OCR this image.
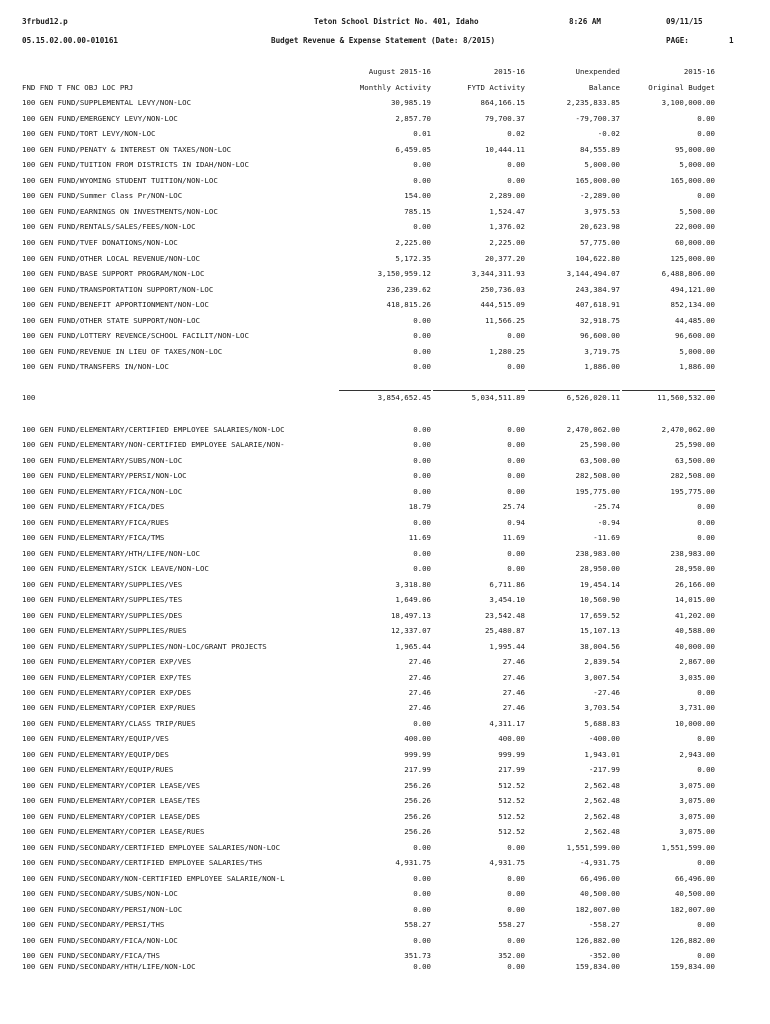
3frbud12.p	Teton School District No. 401, Idaho	8:26 AM	09/11/15
05.15.02.00.00-010161	Budget Revenue & Expense Statement (Date: 8/2015)	PAGE:	1
August 2015-16	2015-16	Unexpended	2015-16
FND FND T FNC OBJ LOC PRJ	Monthly Activity	FYTD Activity	Balance	Original Budget
100 GEN FUND/SUPPLEMENTAL LEVY/NON-LOC	30,985.19	864,166.15	2,235,833.85	3,100,000.00
100 GEN FUND/EMERGENCY LEVY/NON-LOC	2,857.70	79,700.37	-79,700.37	0.00
100 GEN FUND/TORT LEVY/NON-LOC	0.01	0.02	-0.02	0.00
100 GEN FUND/PENATY & INTEREST ON TAXES/NON-LOC	6,459.05	10,444.11	84,555.89	95,000.00
100 GEN FUND/TUITION FROM DISTRICTS IN IDAH/NON-LOC	0.00	0.00	5,000.00	5,000.00
100 GEN FUND/WYOMING STUDENT TUITION/NON-LOC	0.00	0.00	165,000.00	165,000.00
100 GEN FUND/Summer Class Pr/NON-LOC	154.00	2,289.00	-2,289.00	0.00
100 GEN FUND/EARNINGS ON INVESTMENTS/NON-LOC	785.15	1,524.47	3,975.53	5,500.00
100 GEN FUND/RENTALS/SALES/FEES/NON-LOC	0.00	1,376.02	20,623.98	22,000.00
100 GEN FUND/TVEF DONATIONS/NON-LOC	2,225.00	2,225.00	57,775.00	60,000.00
100 GEN FUND/OTHER LOCAL REVENUE/NON-LOC	5,172.35	20,377.20	104,622.80	125,000.00
100 GEN FUND/BASE SUPPORT PROGRAM/NON-LOC	3,150,959.12	3,344,311.93	3,144,494.07	6,488,806.00
100 GEN FUND/TRANSPORTATION SUPPORT/NON-LOC	236,239.62	250,736.03	243,384.97	494,121.00
100 GEN FUND/BENEFIT APPORTIONMENT/NON-LOC	418,815.26	444,515.09	407,618.91	852,134.00
100 GEN FUND/OTHER STATE SUPPORT/NON-LOC	0.00	11,566.25	32,918.75	44,485.00
100 GEN FUND/LOTTERY REVENCE/SCHOOL FACILIT/NON-LOC	0.00	0.00	96,600.00	96,600.00
100 GEN FUND/REVENUE IN LIEU OF TAXES/NON-LOC	0.00	1,280.25	3,719.75	5,000.00
100 GEN FUND/TRANSFERS IN/NON-LOC	0.00	0.00	1,886.00	1,886.00
100	3,854,652.45	5,034,511.89	6,526,020.11	11,560,532.00
100 GEN FUND/ELEMENTARY/CERTIFIED EMPLOYEE SALARIES/NON-LOC	0.00	0.00	2,470,062.00	2,470,062.00
100 GEN FUND/ELEMENTARY/NON-CERTIFIED EMPLOYEE SALARIE/NON-	0.00	0.00	25,590.00	25,590.00
100 GEN FUND/ELEMENTARY/SUBS/NON-LOC	0.00	0.00	63,500.00	63,500.00
100 GEN FUND/ELEMENTARY/PERSI/NON-LOC	0.00	0.00	282,508.00	282,508.00
100 GEN FUND/ELEMENTARY/FICA/NON-LOC	0.00	0.00	195,775.00	195,775.00
100 GEN FUND/ELEMENTARY/FICA/DES	18.79	25.74	-25.74	0.00
100 GEN FUND/ELEMENTARY/FICA/RUES	0.00	0.94	-0.94	0.00
100 GEN FUND/ELEMENTARY/FICA/TMS	11.69	11.69	-11.69	0.00
100 GEN FUND/ELEMENTARY/HTH/LIFE/NON-LOC	0.00	0.00	238,983.00	238,983.00
100 GEN FUND/ELEMENTARY/SICK LEAVE/NON-LOC	0.00	0.00	28,950.00	28,950.00
100 GEN FUND/ELEMENTARY/SUPPLIES/VES	3,318.80	6,711.86	19,454.14	26,166.00
100 GEN FUND/ELEMENTARY/SUPPLIES/TES	1,649.06	3,454.10	10,560.90	14,015.00
100 GEN FUND/ELEMENTARY/SUPPLIES/DES	18,497.13	23,542.48	17,659.52	41,202.00
100 GEN FUND/ELEMENTARY/SUPPLIES/RUES	12,337.07	25,480.87	15,107.13	40,588.00
100 GEN FUND/ELEMENTARY/SUPPLIES/NON-LOC/GRANT PROJECTS	1,965.44	1,995.44	38,004.56	40,000.00
100 GEN FUND/ELEMENTARY/COPIER EXP/VES	27.46	27.46	2,839.54	2,867.00
100 GEN FUND/ELEMENTARY/COPIER EXP/TES	27.46	27.46	3,007.54	3,035.00
100 GEN FUND/ELEMENTARY/COPIER EXP/DES	27.46	27.46	-27.46	0.00
100 GEN FUND/ELEMENTARY/COPIER EXP/RUES	27.46	27.46	3,703.54	3,731.00
100 GEN FUND/ELEMENTARY/CLASS TRIP/RUES	0.00	4,311.17	5,688.83	10,000.00
100 GEN FUND/ELEMENTARY/EQUIP/VES	400.00	400.00	-400.00	0.00
100 GEN FUND/ELEMENTARY/EQUIP/DES	999.99	999.99	1,943.01	2,943.00
100 GEN FUND/ELEMENTARY/EQUIP/RUES	217.99	217.99	-217.99	0.00
100 GEN FUND/ELEMENTARY/COPIER LEASE/VES	256.26	512.52	2,562.48	3,075.00
100 GEN FUND/ELEMENTARY/COPIER LEASE/TES	256.26	512.52	2,562.48	3,075.00
100 GEN FUND/ELEMENTARY/COPIER LEASE/DES	256.26	512.52	2,562.48	3,075.00
100 GEN FUND/ELEMENTARY/COPIER LEASE/RUES	256.26	512.52	2,562.48	3,075.00
100 GEN FUND/SECONDARY/CERTIFIED EMPLOYEE SALARIES/NON-LOC	0.00	0.00	1,551,599.00	1,551,599.00
100 GEN FUND/SECONDARY/CERTIFIED EMPLOYEE SALARIES/THS	4,931.75	4,931.75	-4,931.75	0.00
100 GEN FUND/SECONDARY/NON-CERTIFIED EMPLOYEE SALARIE/NON-L	0.00	0.00	66,496.00	66,496.00
100 GEN FUND/SECONDARY/SUBS/NON-LOC	0.00	0.00	40,500.00	40,500.00
100 GEN FUND/SECONDARY/PERSI/NON-LOC	0.00	0.00	182,007.00	182,007.00
100 GEN FUND/SECONDARY/PERSI/THS	558.27	558.27	-558.27	0.00
100 GEN FUND/SECONDARY/FICA/NON-LOC	0.00	0.00	126,882.00	126,882.00
100 GEN FUND/SECONDARY/FICA/THS	351.73	352.00	-352.00	0.00
100 GEN FUND/SECONDARY/HTH/LIFE/NON-LOC	0.00	0.00	159,834.00	159,834.00
